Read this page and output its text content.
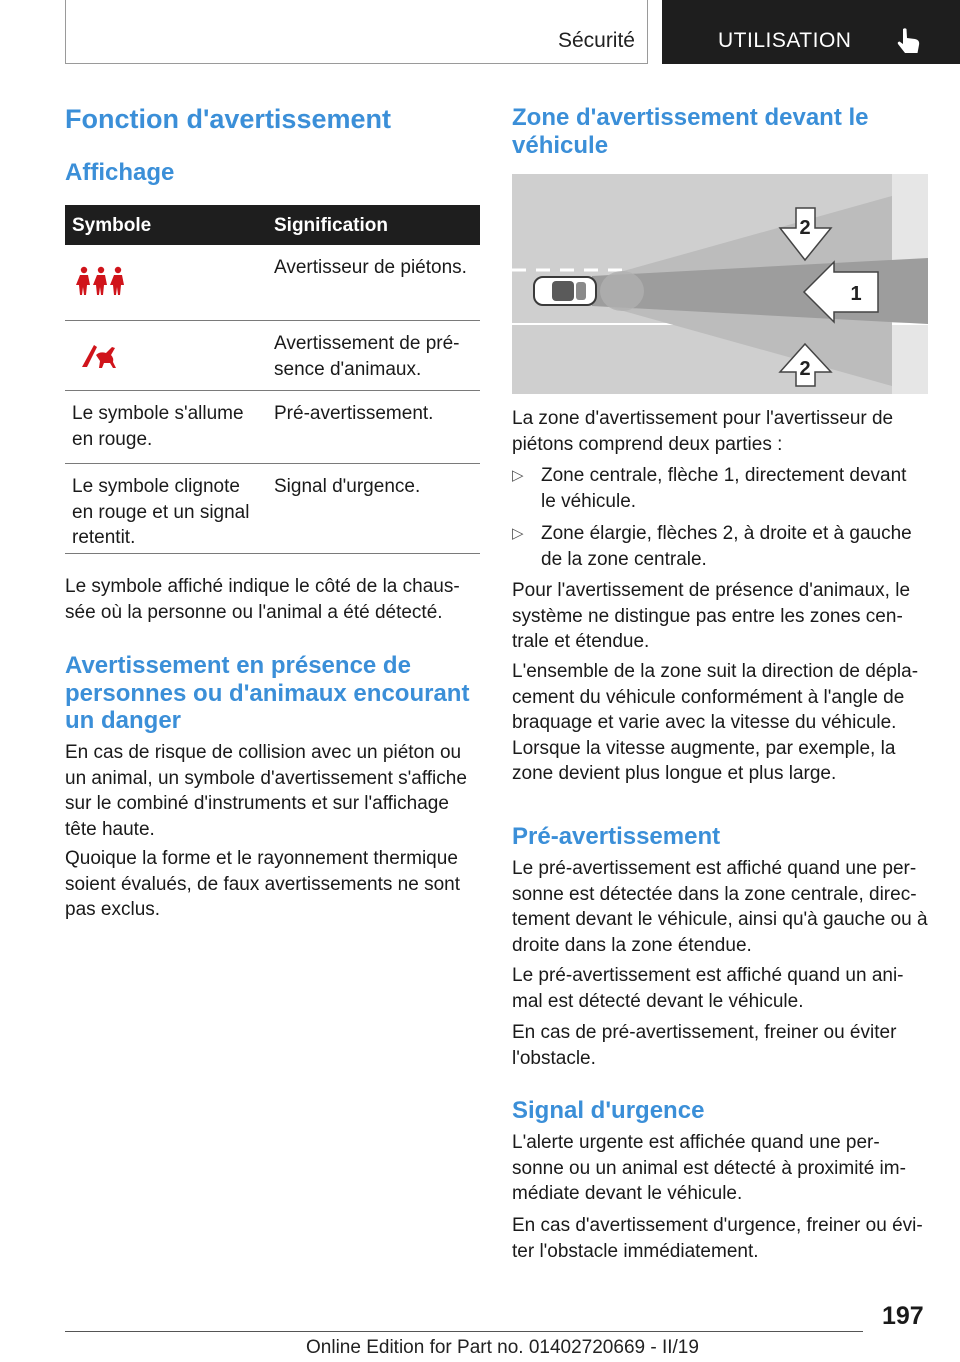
Sécurité	UTILISATION
Fonction d'avertissement
Affichage
Symbole	Signification
Avertisseur de piétons.

Avertissement de pré-
sence d'animaux.

Le symbole s'allume
en rouge.
Pré-avertissement.
Le symbole clignote
en rouge et un signal
retentit.
Signal d'urgence.

Le symbole affiché indique le côté de la chaus-
sée où la personne ou l'animal a été détecté.

Avertissement en présence de
personnes ou d'animaux encourant
un danger

En cas de risque de collision avec un piéton ou
un animal, un symbole d'avertissement s'affiche
sur le combiné d'instruments et sur l'affichage
tête haute.

Quoique la forme et le rayonnement thermique
soient évalués, de faux avertissements ne sont
pas exclus.

Zone d'avertissement devant le
véhicule
2
1
2

La zone d'avertissement pour l'avertisseur de
piétons comprend deux parties :

▷ Zone centrale, flèche 1, directement devant
le véhicule.
▷ Zone élargie, flèches 2, à droite et à gauche
de la zone centrale.

Pour l'avertissement de présence d'animaux, le
système ne distingue pas entre les zones cen-
trale et étendue.

L'ensemble de la zone suit la direction de dépla-
cement du véhicule conformément à l'angle de
braquage et varie avec la vitesse du véhicule.
Lorsque la vitesse augmente, par exemple, la
zone devient plus longue et plus large.

Pré-avertissement

Le pré-avertissement est affiché quand une per-
sonne est détectée dans la zone centrale, direc-
tement devant le véhicule, ainsi qu'à gauche ou à
droite dans la zone étendue.

Le pré-avertissement est affiché quand un ani-
mal est détecté devant le véhicule.

En cas de pré-avertissement, freiner ou éviter
l'obstacle.

Signal d'urgence

L'alerte urgente est affichée quand une per-
sonne ou un animal est détecté à proximité im-
médiate devant le véhicule.

En cas d'avertissement d'urgence, freiner ou évi-
ter l'obstacle immédiatement.

197
Online Edition for Part no. 01402720669 - II/19
